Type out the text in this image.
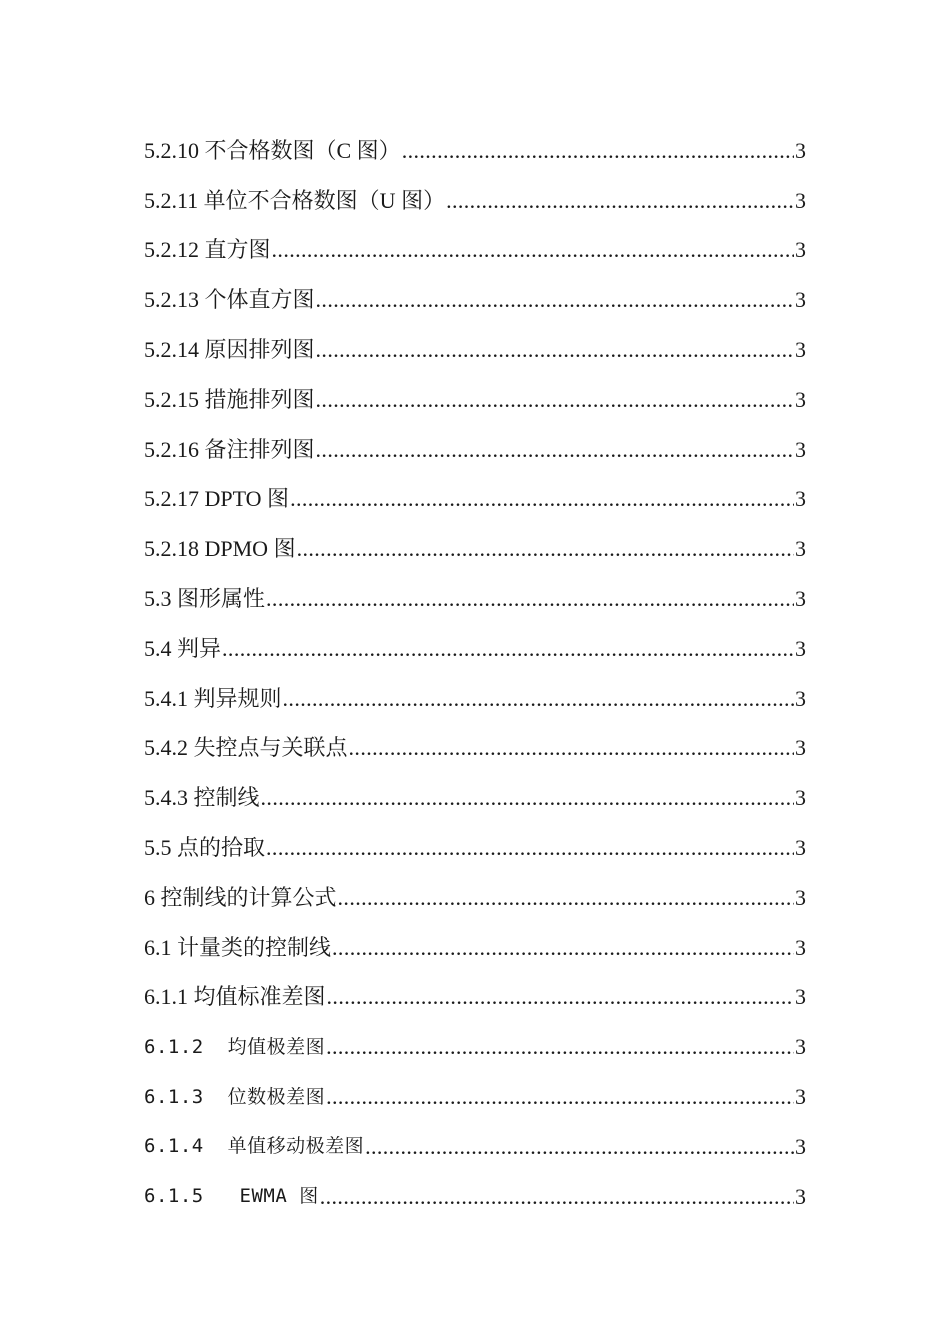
5.2.10 不合格数图（C 图） .....	3
5.2.11 单位不合格数图（U 图） .....	3
5.2.12 直方图 .....	3
5.2.13 个体直方图 .....	3
5.2.14 原因排列图 .....	3
5.2.15 措施排列图 .....	3
5.2.16 备注排列图 .....	3
5.2.17 DPTO 图 .....	3
5.2.18 DPMO 图 .....	3
5.3 图形属性 .....	3
5.4 判异 .....	3
5.4.1 判异规则 .....	3
5.4.2 失控点与关联点 .....	3
5.4.3 控制线 .....	3
5.5 点的拾取 .....	3
6 控制线的计算公式 .....	3
6.1 计量类的控制线 .....	3
6.1.1 均值标准差图 .....	3
6.1.2  均值极差图 .....	3
6.1.3  位数极差图 .....	3
6.1.4  单值移动极差图 .....	3
6.1.5   EWMA 图 .....	3
